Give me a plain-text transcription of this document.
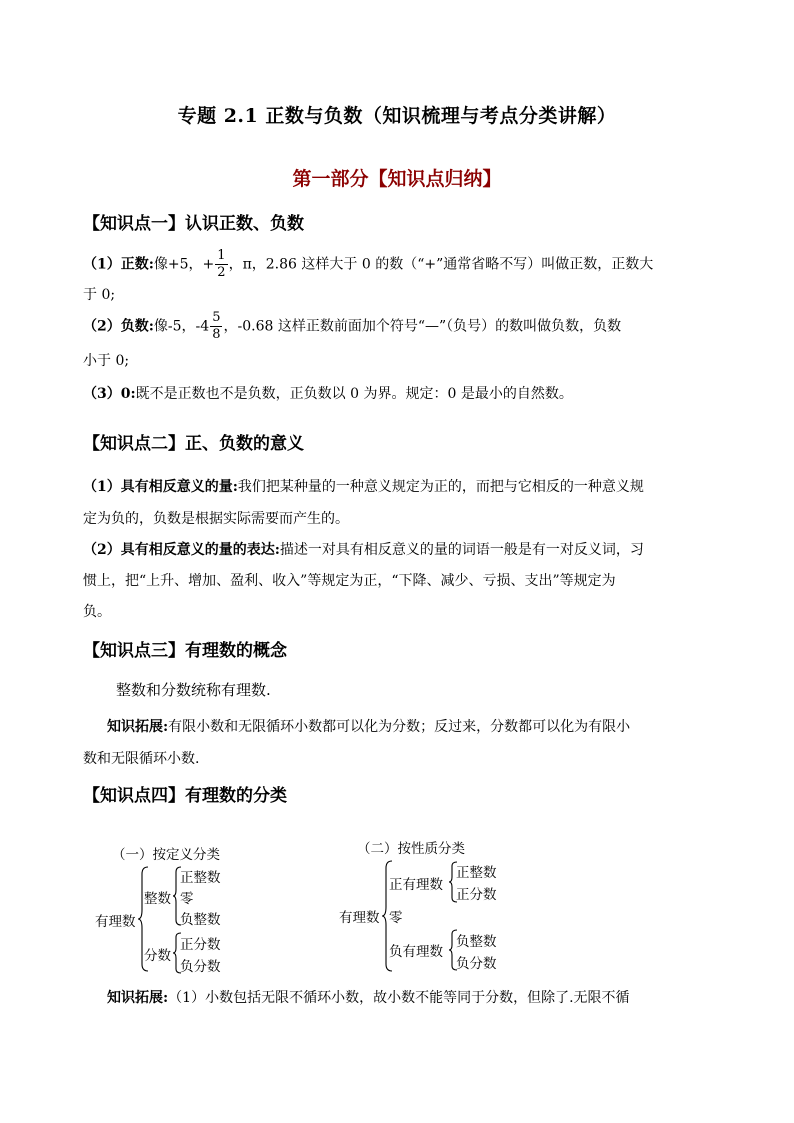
专题 2.1 正数与负数（知识梳理与考点分类讲解）
第一部分【知识点归纳】
【知识点一】认识正数、负数
（1）正数:像+5，+ $\frac{1}{2}$ ，π，2.86 这样大于 0 的数（“+”通常省略不写）叫做正数，正数大
于 0;
（2）负数:像-5，$-4 \frac{5}{8}$ ，-0.68 这样正数前面加个符号“—”（负号）的数叫做负数，负数
小于 0;
（3）0:既不是正数也不是负数，正负数以 0 为界。规定：0 是最小的自然数。
【知识点二】正、负数的意义
（1）具有相反意义的量:我们把某种量的一种意义规定为正的，而把与它相反的一种意义规
定为负的，负数是根据实际需要而产生的。
（2）具有相反意义的量的表达:描述一对具有相反意义的量的词语一般是有一对反义词，习
惯上，把“上升、增加、盈利、收入”等规定为正，“下降、减少、亏损、支出”等规定为
负。
【知识点三】有理数的概念
整数和分数统称有理数.
知识拓展:有限小数和无限循环小数都可以化为分数；反过来，分数都可以化为有限小
数和无限循环小数.
【知识点四】有理数的分类
（一）按定义分类
有理数
整数
正整数
零
负整数
分数
正分数
负分数
（二）按性质分类
有理数
正有理数
正整数
正分数
零
负有理数
负整数
负分数
知识拓展:（1）小数包括无限不循环小数，故小数不能等同于分数，但除了.无限不循
